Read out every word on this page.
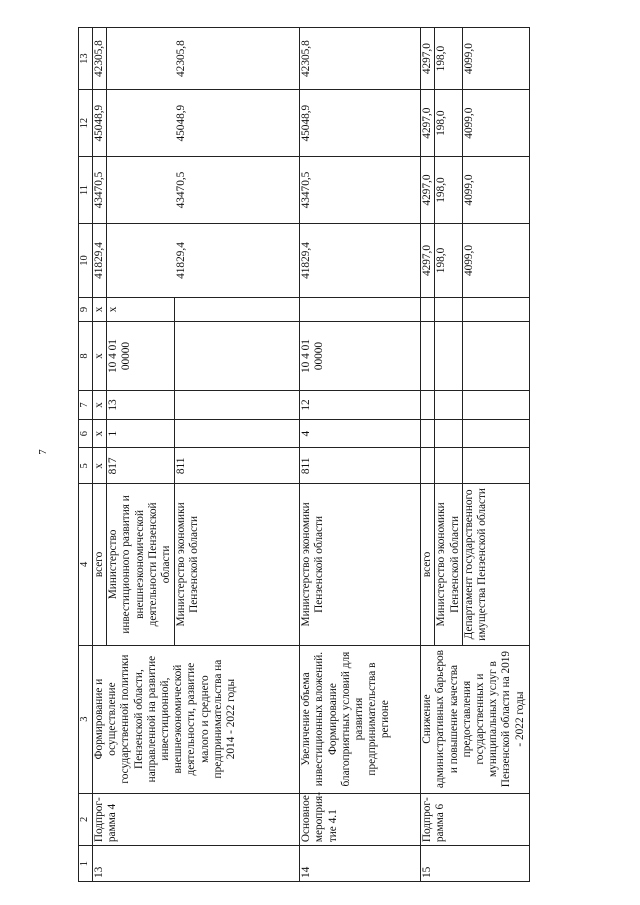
7
1	2	3	4	5	6	7	8	9	10	11	12	13
13	Подпрог-рамма 4	Формирование и осуществление государственной политики Пензенской области, направленной на развитие инвестиционной, внешнеэкономической деятельности, развитие малого и среднего предпринимательства на 2014 - 2022 годы	всего	x	x	x	x	x	41829,4	43470,5	45048,9	42305,8
			Министерство инвестиционного развития и внешнеэкономической деятельности Пензенской области	817	1	13	10 4 01 00000	x				
			Министерство экономики Пензенской области	811					41829,4	43470,5	45048,9	42305,8
14	Основное мероприя-тие 4.1	Увеличение объема инвестиционных вложений. Формирование благоприятных условий для развития предпринимательства в регионе	Министерство экономики Пензенской области	811	4	12	10 4 01 00000		41829,4	43470,5	45048,9	42305,8
15	Подпрог-рамма 6	Снижение административных барьеров и повышение качества предоставления государственных и муниципальных услуг в Пензенской области на 2019 - 2022 годы	всего						4297,0	4297,0	4297,0	4297,0
			Министерство экономики Пензенской области						198,0	198,0	198,0	198,0
			Департамент государственного имущества Пензенской области						4099,0	4099,0	4099,0	4099,0
